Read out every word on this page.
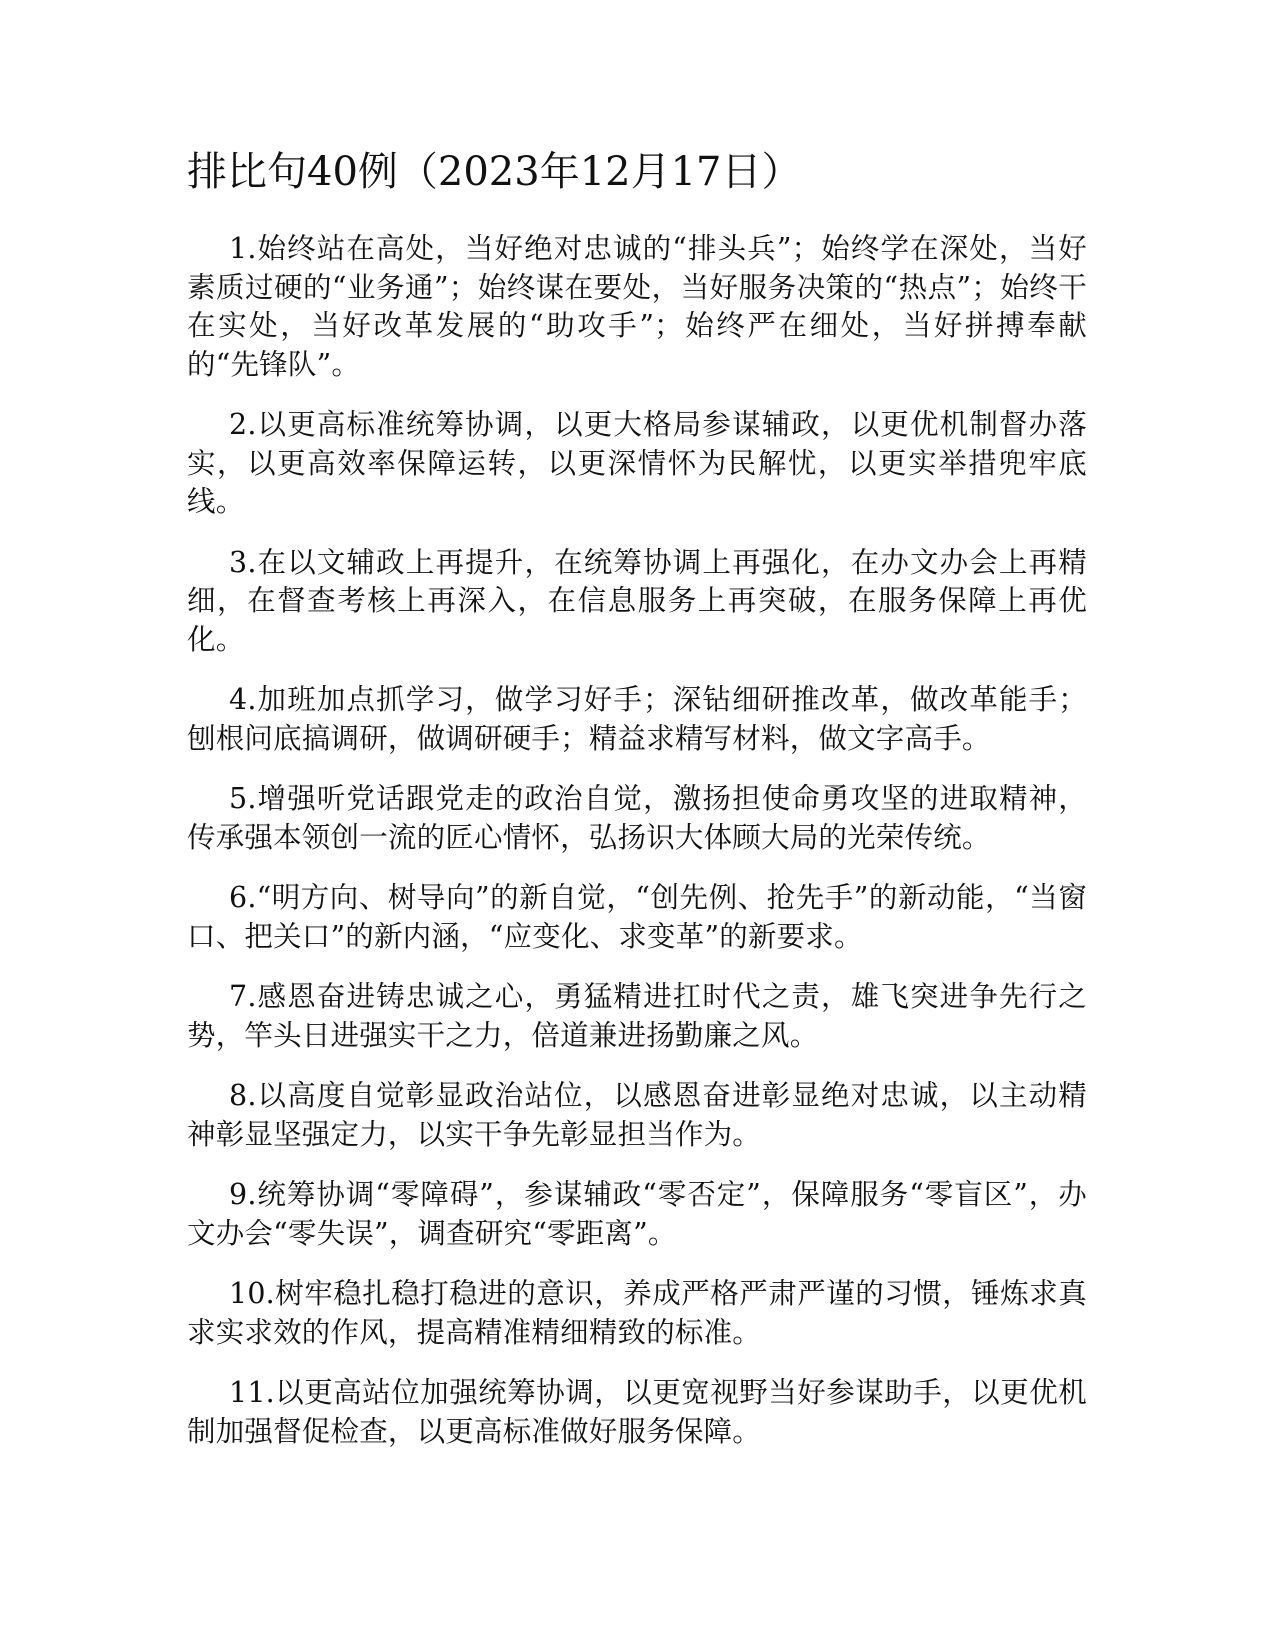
排比句40例（2023年12月17日）

1.始终站在高处，当好绝对忠诚的“排头兵”；始终学在深处，当好素质过硬的“业务通”；始终谋在要处，当好服务决策的“热点”；始终干在实处，当好改革发展的“助攻手”；始终严在细处，当好拼搏奉献的“先锋队”。

2.以更高标准统筹协调，以更大格局参谋辅政，以更优机制督办落实，以更高效率保障运转，以更深情怀为民解忧，以更实举措兜牢底线。

3.在以文辅政上再提升，在统筹协调上再强化，在办文办会上再精细，在督查考核上再深入，在信息服务上再突破，在服务保障上再优化。

4.加班加点抓学习，做学习好手；深钻细研推改革，做改革能手；刨根问底搞调研，做调研硬手；精益求精写材料，做文字高手。

5.增强听党话跟党走的政治自觉，激扬担使命勇攻坚的进取精神，传承强本领创一流的匠心情怀，弘扬识大体顾大局的光荣传统。

6.“明方向、树导向”的新自觉，“创先例、抢先手”的新动能，“当窗口、把关口”的新内涵，“应变化、求变革”的新要求。

7.感恩奋进铸忠诚之心，勇猛精进扛时代之责，雄飞突进争先行之势，竿头日进强实干之力，倍道兼进扬勤廉之风。

8.以高度自觉彰显政治站位，以感恩奋进彰显绝对忠诚，以主动精神彰显坚强定力，以实干争先彰显担当作为。

9.统筹协调“零障碍”，参谋辅政“零否定”，保障服务“零盲区”，办文办会“零失误”，调查研究“零距离”。

10.树牢稳扎稳打稳进的意识，养成严格严肃严谨的习惯，锤炼求真求实求效的作风，提高精准精细精致的标准。

11.以更高站位加强统筹协调，以更宽视野当好参谋助手，以更优机制加强督促检查，以更高标准做好服务保障。
